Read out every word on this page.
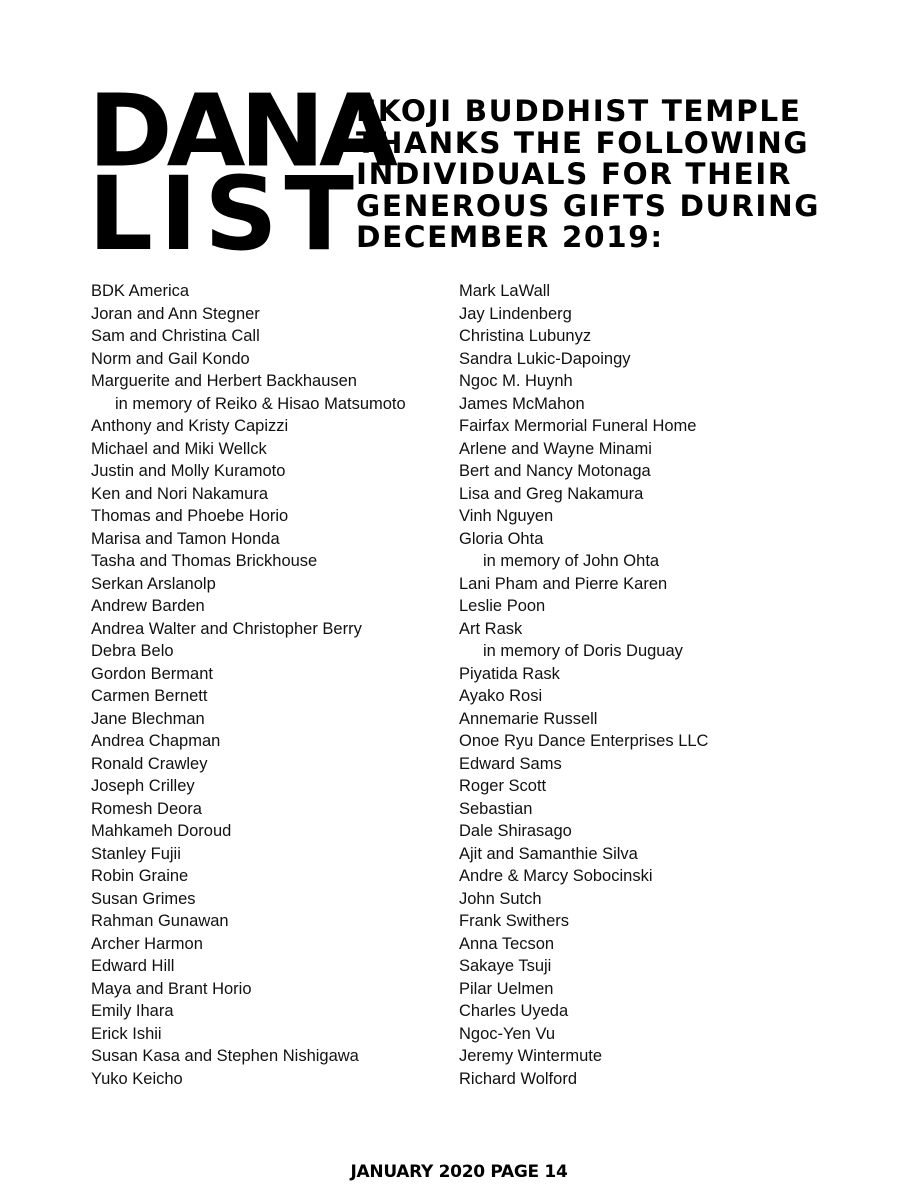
D A N A
L I S T
EKOJI BUDDHIST TEMPLE
THANKS THE FOLLOWING
INDIVIDUALS FOR THEIR
GENEROUS GIFTS DURING
DECEMBER 2019:
BDK America
Joran and Ann Stegner
Sam and Christina Call
Norm and Gail Kondo
Marguerite and Herbert Backhausen
in memory of Reiko & Hisao Matsumoto
Anthony and Kristy Capizzi
Michael and Miki Wellck
Justin and Molly Kuramoto
Ken and Nori Nakamura
Thomas and Phoebe Horio
Marisa and Tamon Honda
Tasha and Thomas Brickhouse
Serkan Arslanolp
Andrew Barden
Andrea Walter and Christopher Berry
Debra Belo
Gordon Bermant
Carmen Bernett
Jane Blechman
Andrea Chapman
Ronald Crawley
Joseph Crilley
Romesh Deora
Mahkameh Doroud
Stanley Fujii
Robin Graine
Susan Grimes
Rahman Gunawan
Archer Harmon
Edward Hill
Maya and Brant Horio
Emily Ihara
Erick Ishii
Susan Kasa and Stephen Nishigawa
Yuko Keicho
Mark LaWall
Jay Lindenberg
Christina Lubunyz
Sandra Lukic-Dapoingy
Ngoc M. Huynh
James McMahon
Fairfax Mermorial Funeral Home
Arlene and Wayne Minami
Bert and Nancy Motonaga
Lisa and Greg Nakamura
Vinh Nguyen
Gloria Ohta
in memory of John Ohta
Lani Pham and Pierre Karen
Leslie Poon
Art Rask
in memory of Doris Duguay
Piyatida Rask
Ayako Rosi
Annemarie Russell
Onoe Ryu Dance Enterprises LLC
Edward Sams
Roger Scott
Sebastian
Dale Shirasago
Ajit and Samanthie Silva
Andre & Marcy Sobocinski
John Sutch
Frank Swithers
Anna Tecson
Sakaye Tsuji
Pilar Uelmen
Charles Uyeda
Ngoc-Yen Vu
Jeremy Wintermute
Richard Wolford
JANUARY 2020 PAGE 14
